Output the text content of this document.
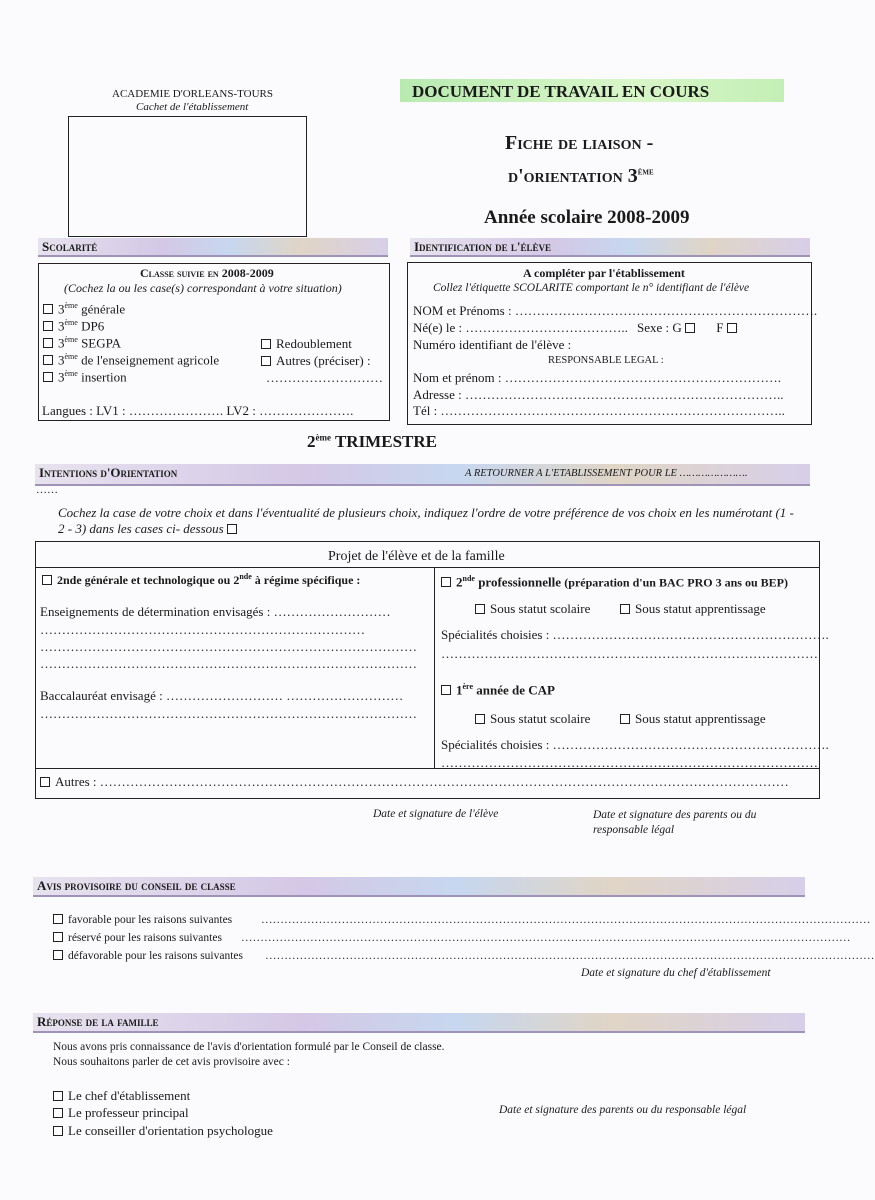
ACADEMIE D'ORLEANS-TOURS
Cachet de l'établissement
DOCUMENT DE TRAVAIL EN COURS
Fiche de liaison -
d'orientation 3ème
Année scolaire 2008-2009
Scolarité
Classe suivie en 2008-2009
(Cochez la ou les case(s) correspondant à votre situation)
3ème générale
3ème DP6
3ème SEGPA
3ème de l'enseignement agricole
3ème insertion
Redoublement
Autres (préciser) :
………………………
Langues : LV1 : …………………. LV2 : ………………….
Identification de l'élève
A compléter par l'établissement
Collez l'étiquette SCOLARITE comportant le n° identifiant de l'élève
NOM et Prénoms : …………………………………………………………….
Né(e) le : ……………………………….. Sexe : G	F
Numéro identifiant de l'élève :
RESPONSABLE LEGAL :
Nom et prénom : ……………………………………………………….
Adresse : ………………………………………………………………..
Tél : ……………………………………………………………………..
2ème TRIMESTRE
Intentions d'Orientation	A RETOURNER A L'ETABLISSEMENT POUR LE ………………….
……
Cochez la case de votre choix et dans l'éventualité de plusieurs choix, indiquez l'ordre de votre préférence de vos choix en les numérotant (1 - 2 - 3) dans les cases ci- dessous
Projet de l'élève et de la famille
2nde générale et technologique ou 2nde à régime spécifique :
Enseignements de détermination envisagés : ………………………
…………………………………………………………………
……………………………………………………………………………
……………………………………………………………………………
Baccalauréat envisagé : ……………………… ………………………
……………………………………………………………………………
2nde professionnelle (préparation d'un BAC PRO 3 ans ou BEP)
Sous statut scolaire	Sous statut apprentissage
Spécialités choisies : ……………………………………………………….
……………………………………………………………………………
1ère année de CAP
Sous statut scolaire	Sous statut apprentissage
Spécialités choisies : ……………………………………………………….
……………………………………………………………………………
Autres : ……………………………………………………………………………………………………………………………………………
Date et signature de l'élève	Date et signature des parents ou du responsable légal
Avis provisoire du conseil de classe
favorable pour les raisons suivantes	……………………………………………………………………………………………………………………………………………
réservé pour les raisons suivantes ……………………………………………………………………………………………………………………………………………
défavorable pour les raisons suivantes ……………………………………………………………………………………………………………………………………………
Date et signature du chef d'établissement
Réponse de la famille
Nous avons pris connaissance de l'avis d'orientation formulé par le Conseil de classe.
Nous souhaitons parler de cet avis provisoire avec :
Le chef d'établissement
Le professeur principal
Le conseiller d'orientation psychologue
Date et signature des parents ou du responsable légal
